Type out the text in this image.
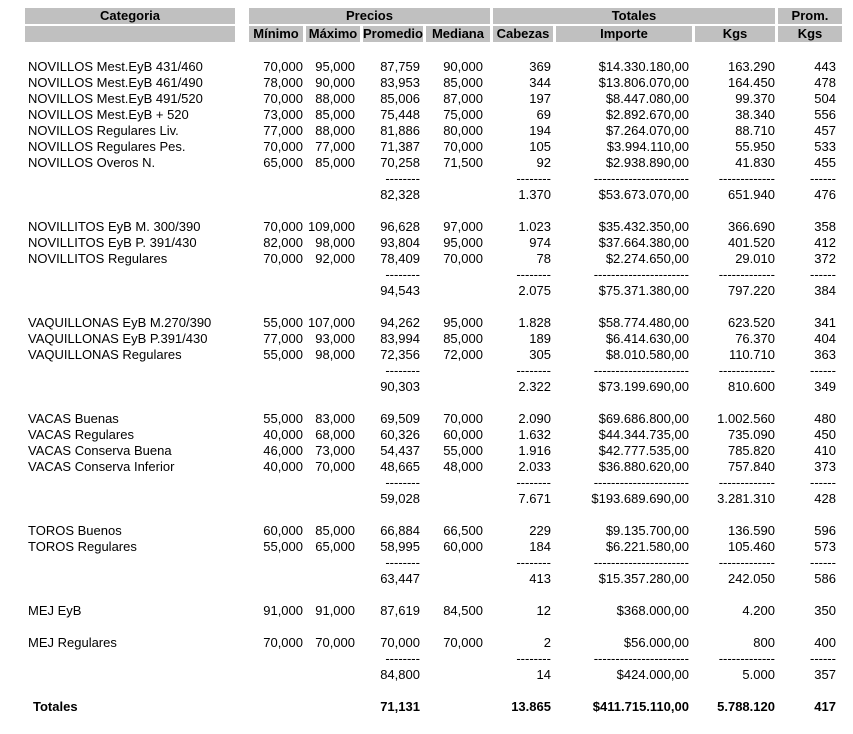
Categoria		Precios				Totales			Prom.
		Mínimo	Máximo	Promedio	Mediana	Cabezas	Importe	Kgs	Kgs

NOVILLOS Mest.EyB 431/460		70,000	95,000	87,759	90,000	369	$14.330.180,00	163.290	443
NOVILLOS Mest.EyB 461/490		78,000	90,000	83,953	85,000	344	$13.806.070,00	164.450	478
NOVILLOS Mest.EyB 491/520		70,000	88,000	85,006	87,000	197	$8.447.080,00	99.370	504
NOVILLOS Mest.EyB + 520		73,000	85,000	75,448	75,000	69	$2.892.670,00	38.340	556
NOVILLOS Regulares Liv.		77,000	88,000	81,886	80,000	194	$7.264.070,00	88.710	457
NOVILLOS Regulares Pes.		70,000	77,000	71,387	70,000	105	$3.994.110,00	55.950	533
NOVILLOS Overos N.		65,000	85,000	70,258	71,500	92	$2.938.890,00	41.830	455
				--------		--------	----------------------	-------------	------
				82,328		1.370	$53.673.070,00	651.940	476

NOVILLITOS EyB M. 300/390		70,000	109,000	96,628	97,000	1.023	$35.432.350,00	366.690	358
NOVILLITOS EyB P. 391/430		82,000	98,000	93,804	95,000	974	$37.664.380,00	401.520	412
NOVILLITOS Regulares		70,000	92,000	78,409	70,000	78	$2.274.650,00	29.010	372
				--------		--------	----------------------	-------------	------
				94,543		2.075	$75.371.380,00	797.220	384

VAQUILLONAS EyB M.270/390		55,000	107,000	94,262	95,000	1.828	$58.774.480,00	623.520	341
VAQUILLONAS EyB P.391/430		77,000	93,000	83,994	85,000	189	$6.414.630,00	76.370	404
VAQUILLONAS Regulares		55,000	98,000	72,356	72,000	305	$8.010.580,00	110.710	363
				--------		--------	----------------------	-------------	------
				90,303		2.322	$73.199.690,00	810.600	349

VACAS Buenas		55,000	83,000	69,509	70,000	2.090	$69.686.800,00	1.002.560	480
VACAS Regulares		40,000	68,000	60,326	60,000	1.632	$44.344.735,00	735.090	450
VACAS Conserva Buena		46,000	73,000	54,437	55,000	1.916	$42.777.535,00	785.820	410
VACAS Conserva Inferior		40,000	70,000	48,665	48,000	2.033	$36.880.620,00	757.840	373
				--------		--------	----------------------	-------------	------
				59,028		7.671	$193.689.690,00	3.281.310	428

TOROS Buenos		60,000	85,000	66,884	66,500	229	$9.135.700,00	136.590	596
TOROS Regulares		55,000	65,000	58,995	60,000	184	$6.221.580,00	105.460	573
				--------		--------	----------------------	-------------	------
				63,447		413	$15.357.280,00	242.050	586

MEJ EyB		91,000	91,000	87,619	84,500	12	$368.000,00	4.200	350

MEJ Regulares		70,000	70,000	70,000	70,000	2	$56.000,00	800	400
				--------		--------	----------------------	-------------	------
				84,800		14	$424.000,00	5.000	357

Totales				71,131		13.865	$411.715.110,00	5.788.120	417
